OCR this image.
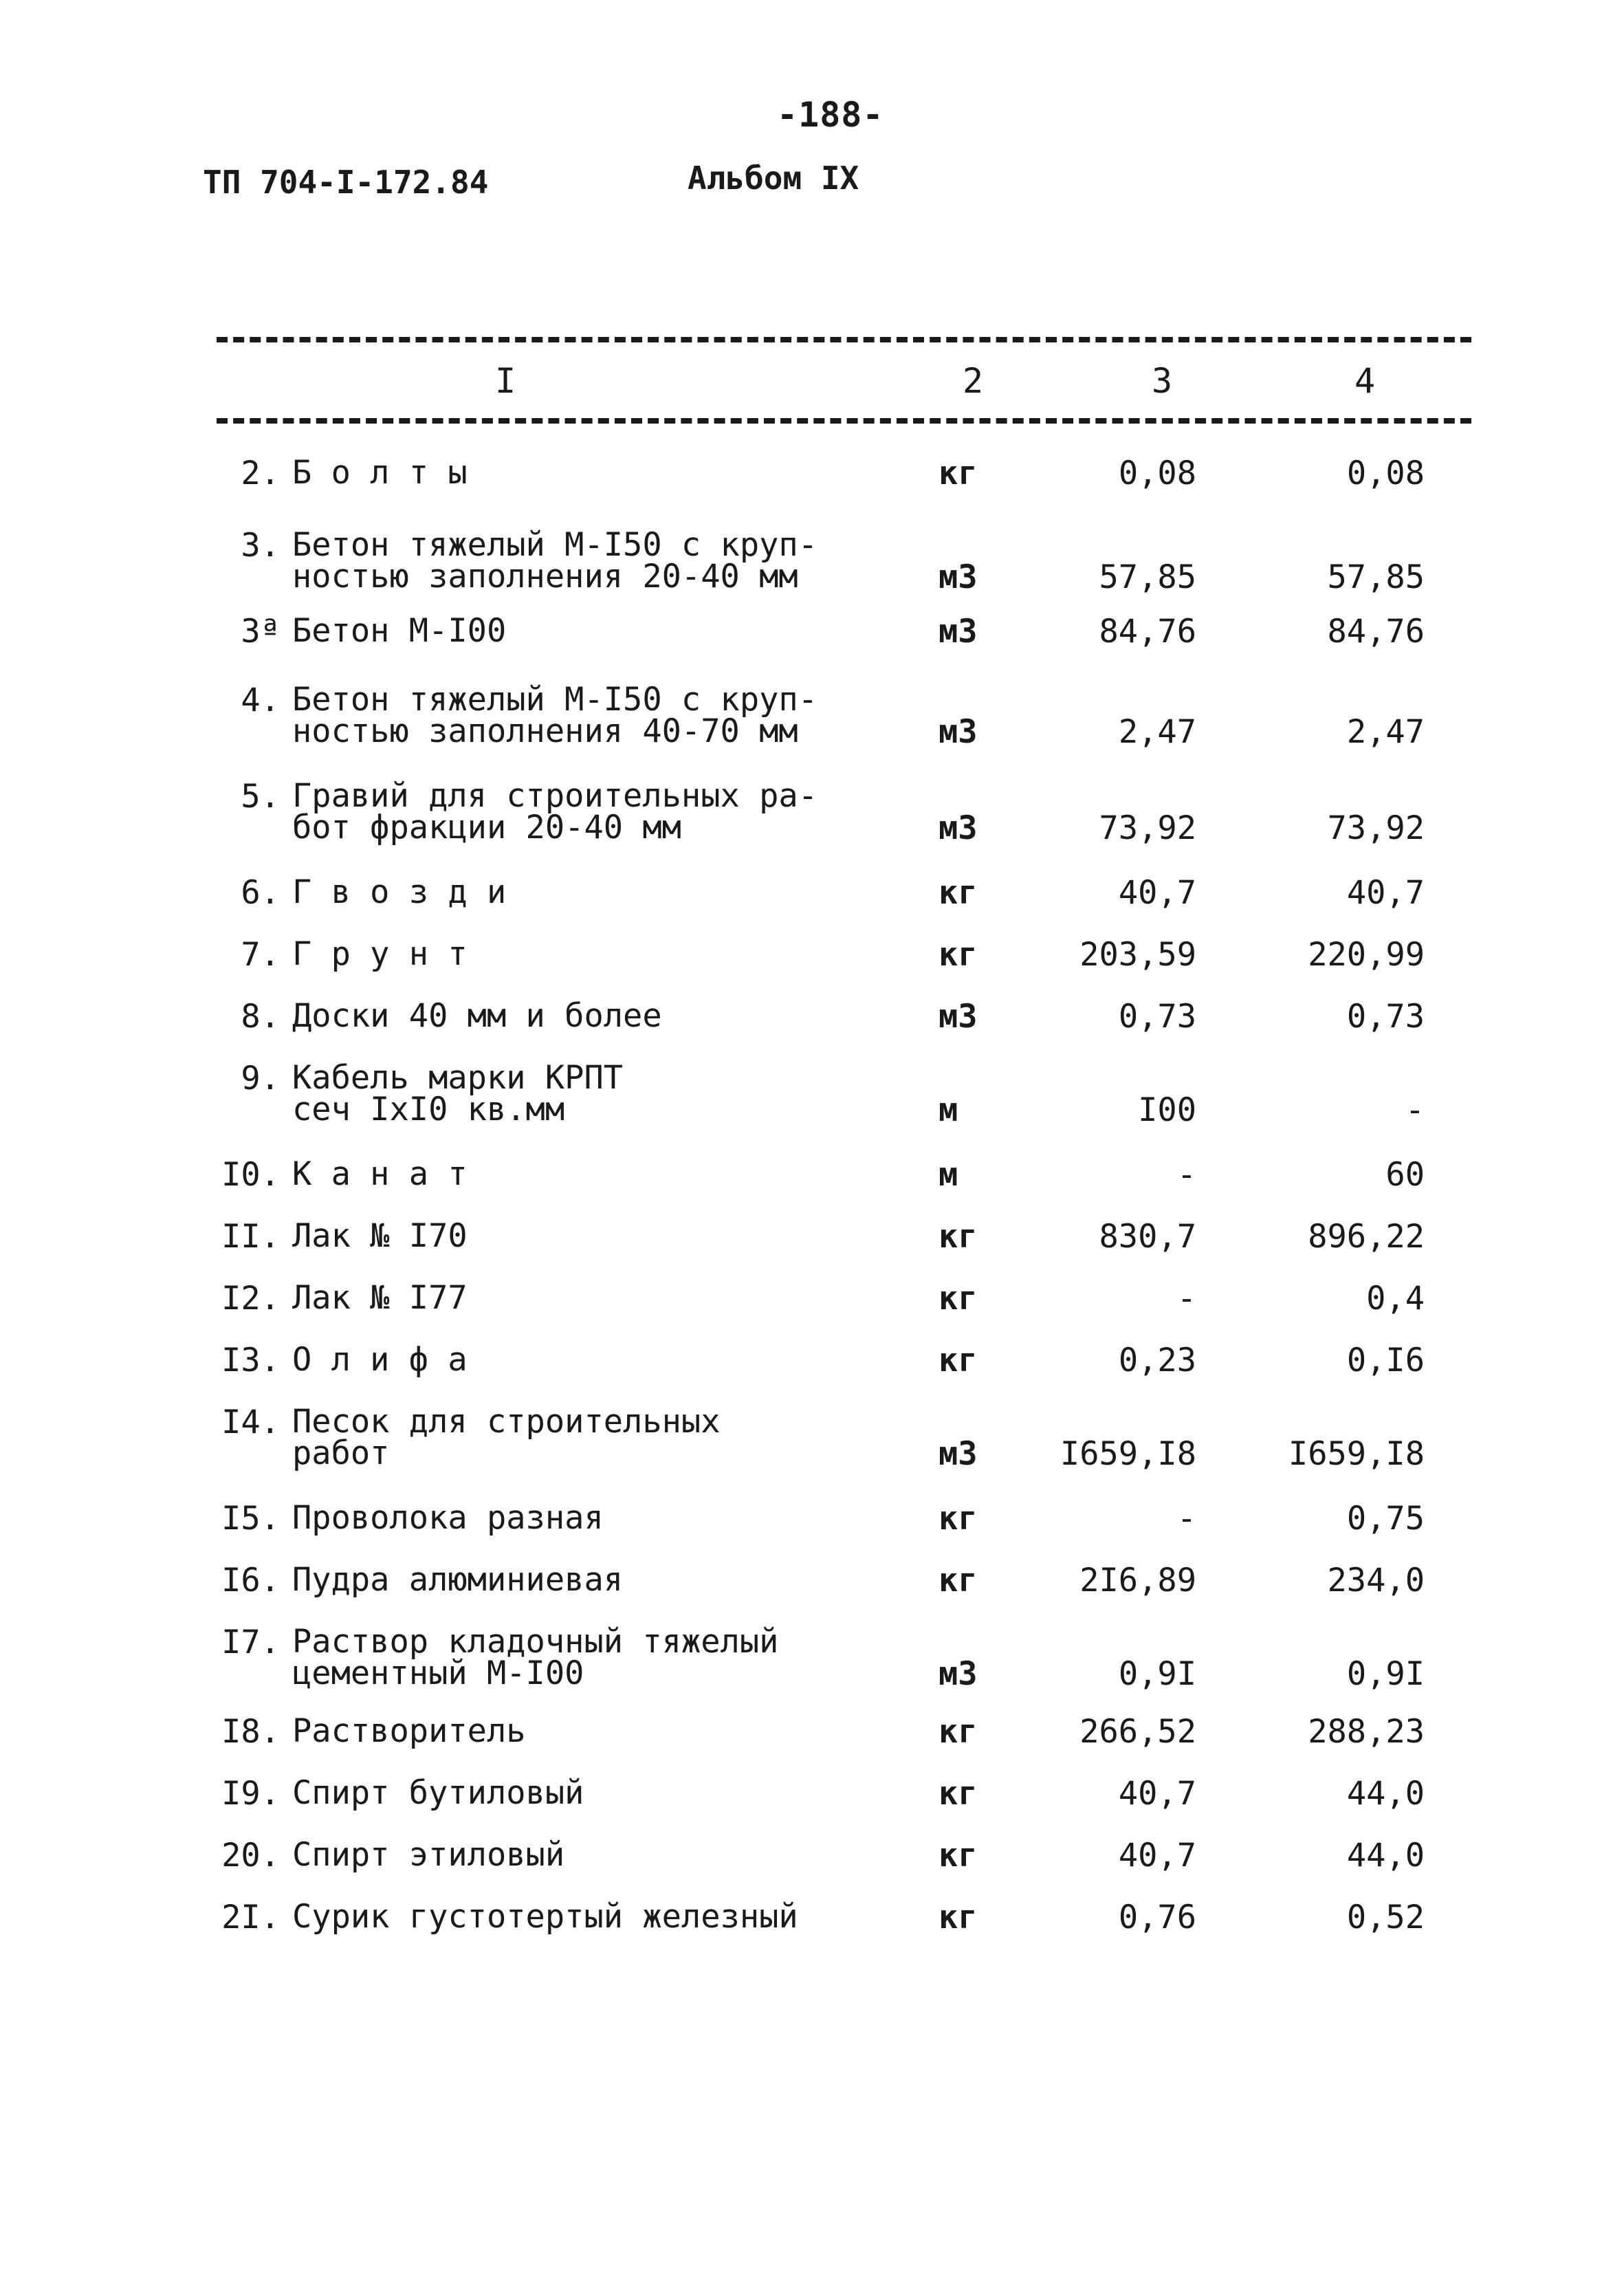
-188-
ТП 704-I-172.84	Альбом IX
I	2	3	4
2. Б о л т ы	кг	0,08	0,08
3. Бетон тяжелый М-I50 с круп-
ностью заполнения 20-40 мм	м3	57,85	57,85
3ª Бетон М-I00	м3	84,76	84,76
4. Бетон тяжелый М-I50 с круп-
ностью заполнения 40-70 мм	м3	2,47	2,47
5. Гравий для строительных ра-
бот фракции 20-40 мм	м3	73,92	73,92
6. Г в о з д и	кг	40,7	40,7
7. Г р у н т	кг	203,59	220,99
8. Доски 40 мм и более	м3	0,73	0,73
9. Кабель марки КРПТ
сеч IxI0 кв.мм	м	I00	-
I0. К а н а т	м	-	60
II. Лак № I70	кг	830,7	896,22
I2. Лак № I77	кг	-	0,4
I3. О л и ф а	кг	0,23	0,I6
I4. Песок для строительных
работ	м3	I659,I8	I659,I8
I5. Проволока разная	кг	-	0,75
I6. Пудра алюминиевая	кг	2I6,89	234,0
I7. Раствор кладочный тяжелый
цементный М-I00	м3	0,9I	0,9I
I8. Растворитель	кг	266,52	288,23
I9. Спирт бутиловый	кг	40,7	44,0
20. Спирт этиловый	кг	40,7	44,0
2I. Сурик густотертый железный	кг	0,76	0,52
